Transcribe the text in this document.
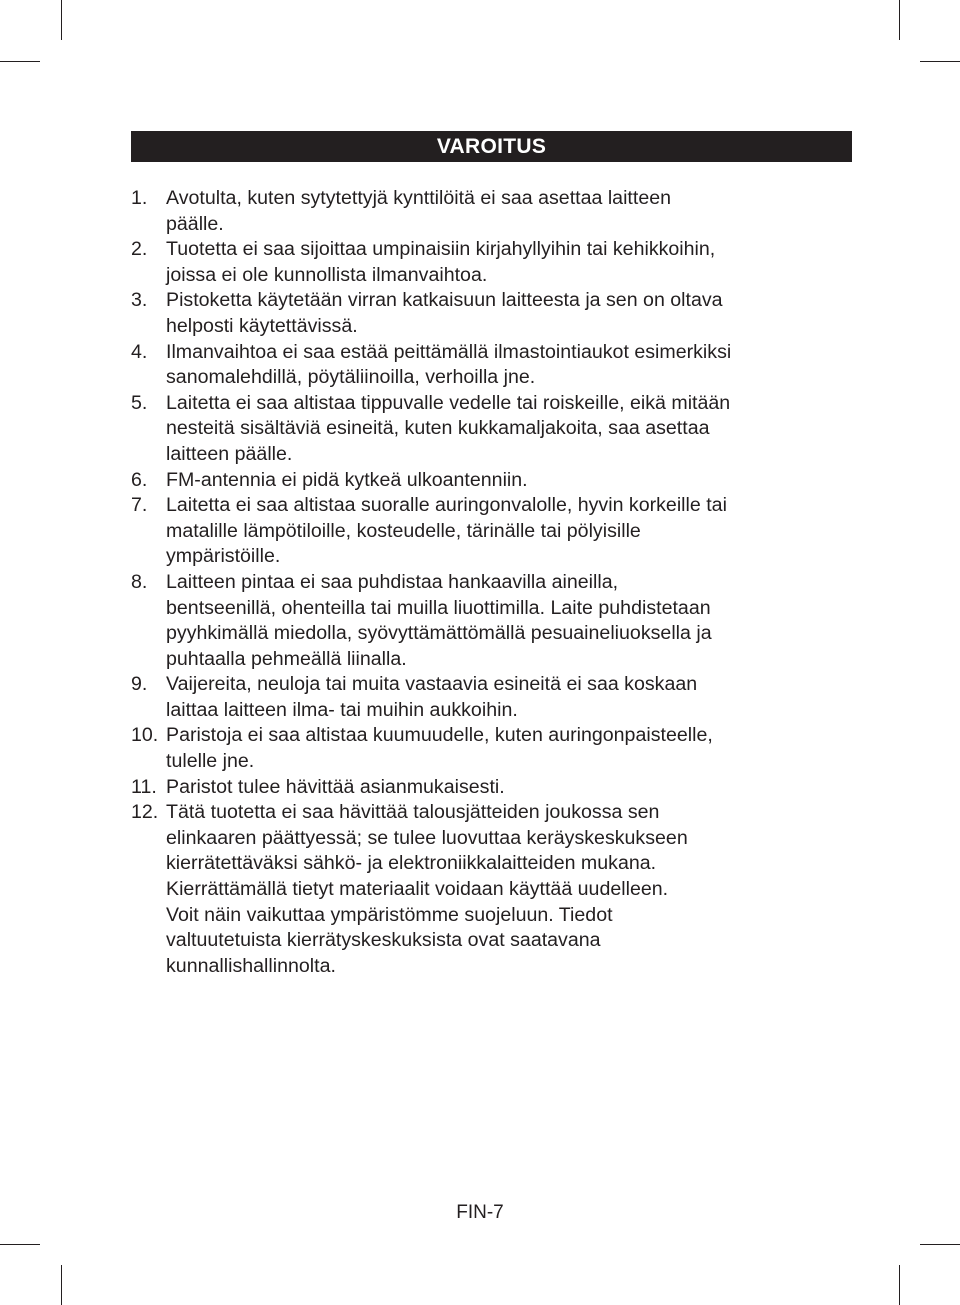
VAROITUS
1. Avotulta, kuten sytytettyjä kynttilöitä ei saa asettaa laitteen
päälle.
2. Tuotetta ei saa sijoittaa umpinaisiin kirjahyllyihin tai kehikkoihin,
joissa ei ole kunnollista ilmanvaihtoa.
3. Pistoketta käytetään virran katkaisuun laitteesta ja sen on oltava
helposti käytettävissä.
4. Ilmanvaihtoa ei saa estää peittämällä ilmastointiaukot esimerkiksi
sanomalehdillä, pöytäliinoilla, verhoilla jne.
5. Laitetta ei saa altistaa tippuvalle vedelle tai roiskeille, eikä mitään
nesteitä sisältäviä esineitä, kuten kukkamaljakoita, saa asettaa
laitteen päälle.
6. FM-antennia ei pidä kytkeä ulkoantenniin.
7. Laitetta ei saa altistaa suoralle auringonvalolle, hyvin korkeille tai
matalille lämpötiloille, kosteudelle, tärinälle tai pölyisille
ympäristöille.
8. Laitteen pintaa ei saa puhdistaa hankaavilla aineilla,
bentseenillä, ohenteilla tai muilla liuottimilla. Laite puhdistetaan
pyyhkimällä miedolla, syövyttämättömällä pesuaineliuoksella ja
puhtaalla pehmeällä liinalla.
9. Vaijereita, neuloja tai muita vastaavia esineitä ei saa koskaan
laittaa laitteen ilma- tai muihin aukkoihin.
10. Paristoja ei saa altistaa kuumuudelle, kuten auringonpaisteelle,
tulelle jne.
11. Paristot tulee hävittää asianmukaisesti.
12. Tätä tuotetta ei saa hävittää talousjätteiden joukossa sen
elinkaaren päättyessä; se tulee luovuttaa keräyskeskukseen
kierrätettäväksi sähkö- ja elektroniikkalaitteiden mukana.
Kierrättämällä tietyt materiaalit voidaan käyttää uudelleen.
Voit näin vaikuttaa ympäristömme suojeluun. Tiedot
valtuutetuista kierrätyskeskuksista ovat saatavana
kunnallishallinnolta.
FIN-7
